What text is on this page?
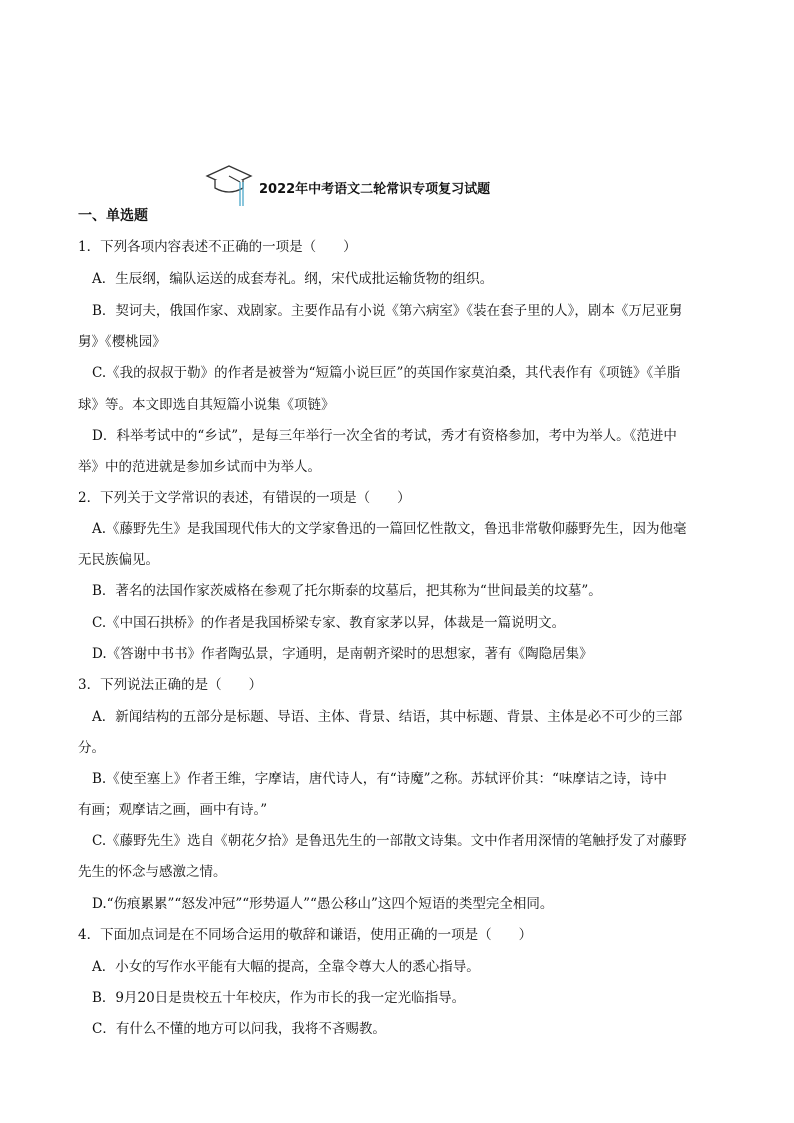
2022年中考语文二轮常识专项复习试题
一、单选题
1．下列各项内容表述不正确的一项是（　　）
A．生辰纲，编队运送的成套寿礼。纲，宋代成批运输货物的组织。
B．契诃夫，俄国作家、戏剧家。主要作品有小说《第六病室》《装在套子里的人》，剧本《万尼亚舅
舅》《樱桃园》
C.《我的叔叔于勒》的作者是被誉为“短篇小说巨匠”的英国作家莫泊桑，其代表作有《项链》《羊脂
球》等。本文即选自其短篇小说集《项链》
D．科举考试中的“乡试”，是每三年举行一次全省的考试，秀才有资格参加，考中为举人。《范进中
举》中的范进就是参加乡试而中为举人。
2．下列关于文学常识的表述，有错误的一项是（　　）
A.《藤野先生》是我国现代伟大的文学家鲁迅的一篇回忆性散文，鲁迅非常敬仰藤野先生，因为他毫
无民族偏见。
B．著名的法国作家茨威格在参观了托尔斯泰的坟墓后，把其称为“世间最美的坟墓”。
C.《中国石拱桥》的作者是我国桥梁专家、教育家茅以昇，体裁是一篇说明文。
D.《答谢中书书》作者陶弘景，字通明，是南朝齐梁时的思想家，著有《陶隐居集》
3．下列说法正确的是（　　）
A．新闻结构的五部分是标题、导语、主体、背景、结语，其中标题、背景、主体是必不可少的三部
分。
B.《使至塞上》作者王维，字摩诘，唐代诗人，有“诗魔”之称。苏轼评价其：“味摩诘之诗，诗中
有画；观摩诘之画，画中有诗。”
C.《藤野先生》选自《朝花夕拾》是鲁迅先生的一部散文诗集。文中作者用深情的笔触抒发了对藤野
先生的怀念与感激之情。
D.“伤痕累累”“怒发冲冠”“形势逼人”“愚公移山”这四个短语的类型完全相同。
4．下面加点词是在不同场合运用的敬辞和谦语，使用正确的一项是（　　）
A．小女的写作水平能有大幅的提高，全靠令尊大人的悉心指导。
B．9月20日是贵校五十年校庆，作为市长的我一定光临指导。
C．有什么不懂的地方可以问我，我将不吝赐教。
